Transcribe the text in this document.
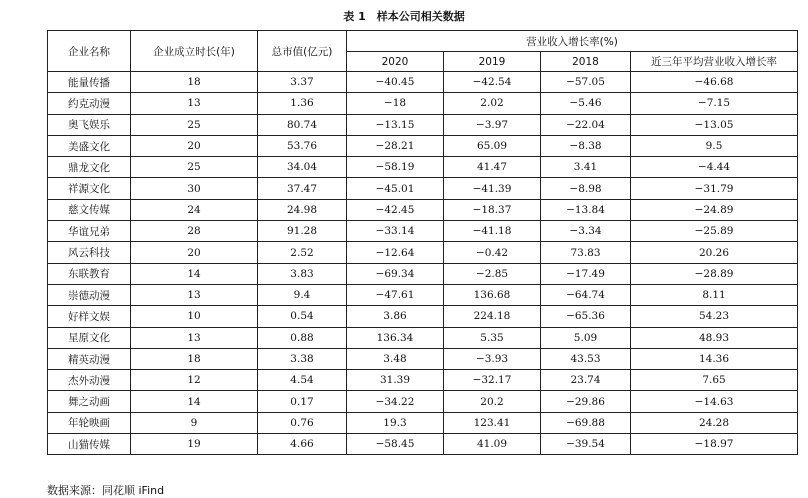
表 1　样本公司相关数据
企业名称	企业成立时长(年)	总市值(亿元)	营业收入增长率(%)			
			2020	2019	2018	近三年平均营业收入增长率
能量传播	18	3.37	−40.45	−42.54	−57.05	−46.68
约克动漫	13	1.36	−18	2.02	−5.46	−7.15
奥飞娱乐	25	80.74	−13.15	−3.97	−22.04	−13.05
美盛文化	20	53.76	−28.21	65.09	−8.38	9.5
鼎龙文化	25	34.04	−58.19	41.47	3.41	−4.44
祥源文化	30	37.47	−45.01	−41.39	−8.98	−31.79
慈文传媒	24	24.98	−42.45	−18.37	−13.84	−24.89
华谊兄弟	28	91.28	−33.14	−41.18	−3.34	−25.89
风云科技	20	2.52	−12.64	−0.42	73.83	20.26
东联教育	14	3.83	−69.34	−2.85	−17.49	−28.89
崇德动漫	13	9.4	−47.61	136.68	−64.74	8.11
好样文娱	10	0.54	3.86	224.18	−65.36	54.23
星原文化	13	0.88	136.34	5.35	5.09	48.93
精英动漫	18	3.38	3.48	−3.93	43.53	14.36
杰外动漫	12	4.54	31.39	−32.17	23.74	7.65
舞之动画	14	0.17	−34.22	20.2	−29.86	−14.63
年轮映画	9	0.76	19.3	123.41	−69.88	24.28
山猫传媒	19	4.66	−58.45	41.09	−39.54	−18.97
数据来源：同花顺 iFind
